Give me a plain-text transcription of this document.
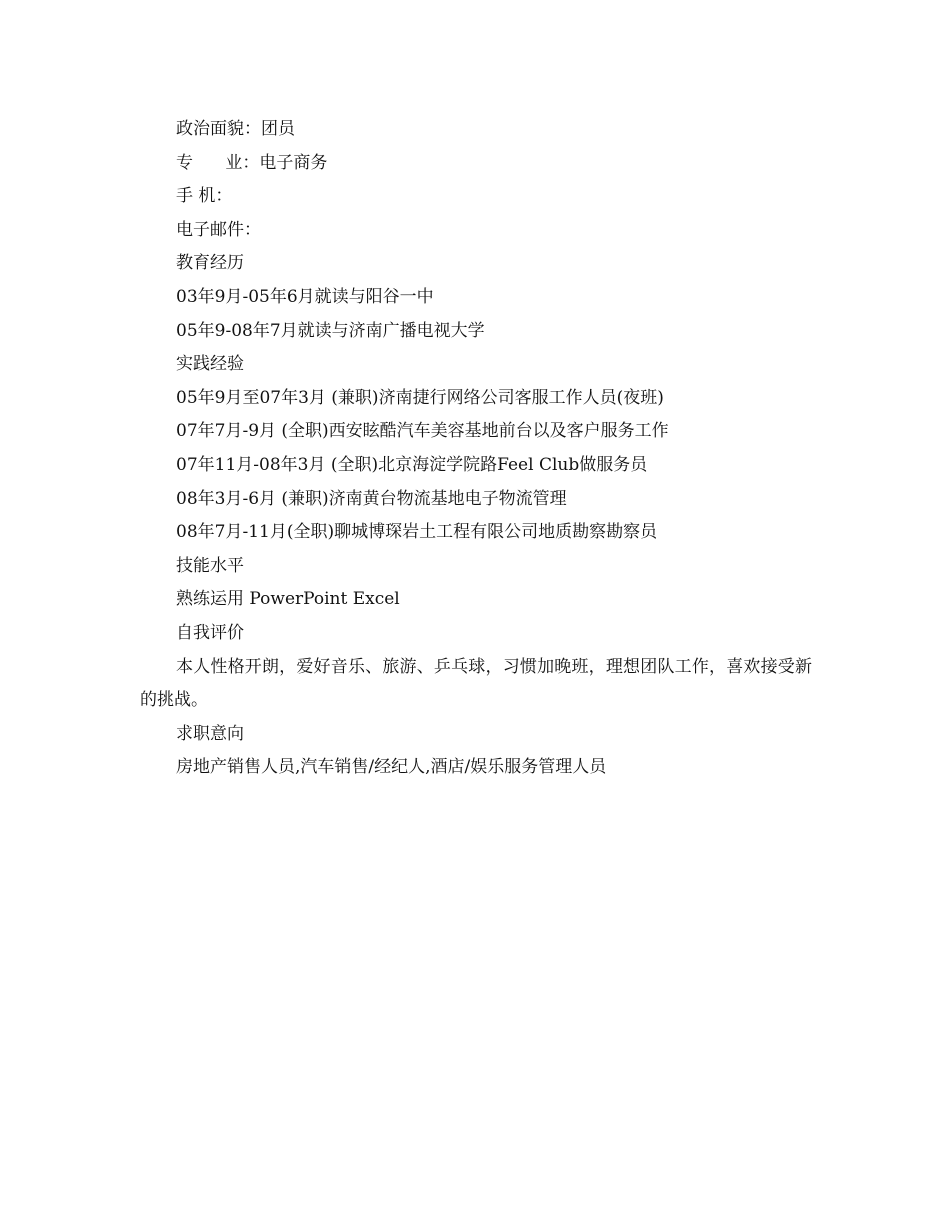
政治面貌：团员
专      业：电子商务
手 机：
电子邮件：
教育经历
03年9月-05年6月就读与阳谷一中
05年9-08年7月就读与济南广播电视大学
实践经验
05年9月至07年3月 (兼职)济南捷行网络公司客服工作人员(夜班)
07年7月-9月 (全职)西安眩酷汽车美容基地前台以及客户服务工作
07年11月-08年3月 (全职)北京海淀学院路Feel Club做服务员
08年3月-6月 (兼职)济南黄台物流基地电子物流管理
08年7月-11月(全职)聊城博琛岩土工程有限公司地质勘察勘察员
技能水平
熟练运用 PowerPoint Excel
自我评价
本人性格开朗，爱好音乐、旅游、乒乓球，习惯加晚班，理想团队工作，喜欢接受新的挑战。
求职意向
房地产销售人员,汽车销售/经纪人,酒店/娱乐服务管理人员
